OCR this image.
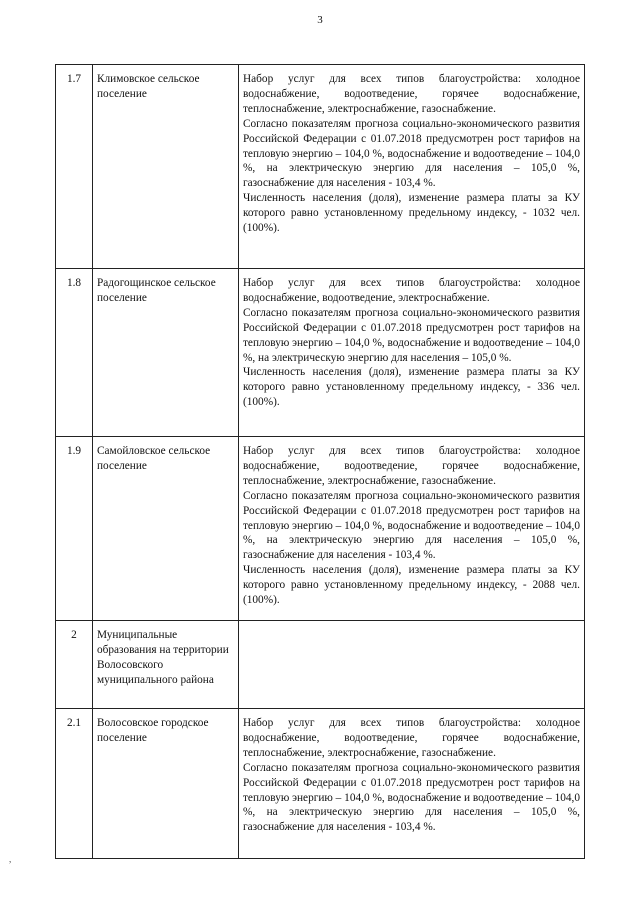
3
1.7	Климовское сельское поселение	Набор услуг для всех типов благоустройства: холодное водоснабжение, водоотведение, горячее водоснабжение, теплоснабжение, электроснабжение, газоснабжение.

Согласно показателям прогноза социально-экономического развития Российской Федерации с 01.07.2018 предусмотрен рост тарифов на тепловую энергию – 104,0 %, водоснабжение и водоотведение – 104,0 %, на электрическую энергию для населения – 105,0 %, газоснабжение для населения - 103,4 %.

Численность населения (доля), изменение размера платы за КУ которого равно установленному предельному индексу, - 1032 чел. (100%).

1.8	Радогощинское сельское поселение	Набор услуг для всех типов благоустройства: холодное водоснабжение, водоотведение, электроснабжение.

Согласно показателям прогноза социально-экономического развития Российской Федерации с 01.07.2018 предусмотрен рост тарифов на тепловую энергию – 104,0 %, водоснабжение и водоотведение – 104,0 %, на электрическую энергию для населения – 105,0 %.

Численность населения (доля), изменение размера платы за КУ которого равно установленному предельному индексу, - 336 чел. (100%).

1.9	Самойловское сельское поселение	Набор услуг для всех типов благоустройства: холодное водоснабжение, водоотведение, горячее водоснабжение, теплоснабжение, электроснабжение, газоснабжение.

Согласно показателям прогноза социально-экономического развития Российской Федерации с 01.07.2018 предусмотрен рост тарифов на тепловую энергию – 104,0 %, водоснабжение и водоотведение – 104,0 %, на электрическую энергию для населения – 105,0 %, газоснабжение для населения - 103,4 %.

Численность населения (доля), изменение размера платы за КУ которого равно установленному предельному индексу, - 2088 чел. (100%).

2	Муниципальные образования на территории Волосовского муниципального района	

2.1	Волосовское городское поселение	Набор услуг для всех типов благоустройства: холодное водоснабжение, водоотведение, горячее водоснабжение, теплоснабжение, электроснабжение, газоснабжение.

Согласно показателям прогноза социально-экономического развития Российской Федерации с 01.07.2018 предусмотрен рост тарифов на тепловую энергию – 104,0 %, водоснабжение и водоотведение – 104,0 %, на электрическую энергию для населения – 105,0 %, газоснабжение для населения - 103,4 %.

,
